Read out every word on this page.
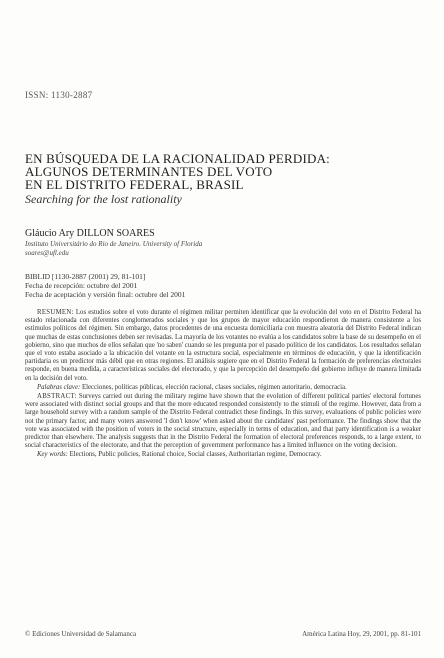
ISSN: 1130-2887
EN BÚSQUEDA DE LA RACIONALIDAD PERDIDA:
ALGUNOS DETERMINANTES DEL VOTO
EN EL DISTRITO FEDERAL, BRASIL
Searching for the lost rationality
Gláucio Ary DILLON SOARES
Instituto Universitário do Rio de Janeiro. University of Florida
soares@ufl.edu
BIBLID [1130-2887 (2001) 29, 81-101]
Fecha de recepción: octubre del 2001
Fecha de aceptación y versión final: octubre del 2001

RESUMEN: Los estudios sobre el voto durante el régimen militar permiten identificar que la evolución del voto en el Distrito Federal ha estado relacionada con diferentes conglomerados sociales y que los grupos de mayor educación respondieron de manera consistente a los estímulos políticos del régimen. Sin embargo, datos procedentes de una encuesta domiciliaria con muestra aleatoria del Distrito Federal indican que muchas de estas conclusiones deben ser revisadas. La mayoría de los votantes no evalúa a los candidatos sobre la base de su desempeño en el gobierno, sino que muchos de ellos señalan que 'no saben' cuando se les pregunta por el pasado político de los candidatos. Los resultados señalan que el voto estaba asociado a la ubicación del votante en la estructura social, especialmente en términos de educación, y que la identificación partidaria es un predictor más débil que en otras regiones. El análisis sugiere que en el Distrito Federal la formación de preferencias electorales responde, en buena medida, a características sociales del electorado, y que la percepción del desempeño del gobierno influye de manera limitada en la decisión del voto.

Palabras clave: Elecciones, políticas públicas, elección racional, clases sociales, régimen autoritario, democracia.

ABSTRACT: Surveys carried out during the military regime have shown that the evolution of different political parties' electoral fortunes were associated with distinct social groups and that the more educated responded consistently to the stimuli of the regime. However, data from a large household survey with a random sample of the Distrito Federal contradict these findings. In this survey, evaluations of public policies were not the primary factor, and many voters answered 'I don't know' when asked about the candidates' past performance. The findings show that the vote was associated with the position of voters in the social structure, especially in terms of education, and that party identification is a weaker predictor than elsewhere. The analysis suggests that in the Distrito Federal the formation of electoral preferences responds, to a large extent, to social characteristics of the electorate, and that the perception of government performance has a limited influence on the voting decision.

Key words: Elections, Public policies, Rational choice, Social classes, Authoritarian regime, Democracy.

© Ediciones Universidad de Salamanca	América Latina Hoy, 29, 2001, pp. 81-101
